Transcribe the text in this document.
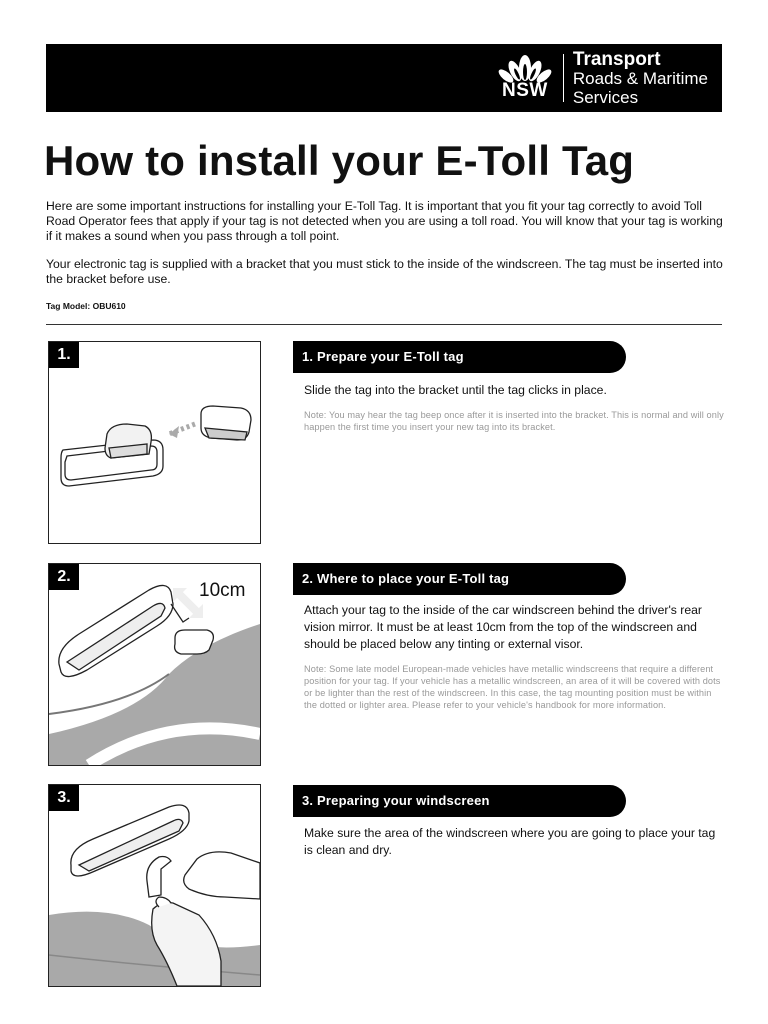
NSW
Transport
Roads & Maritime
Services
How to install your E-Toll Tag

Here are some important instructions for installing your E-Toll Tag. It is important that you fit your tag correctly to avoid Toll Road Operator fees that apply if your tag is not detected when you are using a toll road. You will know that your tag is working if it makes a sound when you pass through a toll point.

Your electronic tag is supplied with a bracket that you must stick to the inside of the windscreen. The tag must be inserted into the bracket before use.

Tag Model: OBU610
1.	1. Prepare your E-Toll tag
Slide the tag into the bracket until the tag clicks in place.
Note: You may hear the tag beep once after it is inserted into the bracket. This is normal and will only happen the first time you insert your new tag into its bracket.
2.
10cm
2. Where to place your E-Toll tag
Attach your tag to the inside of the car windscreen behind the driver's rear vision mirror. It must be at least 10cm from the top of the windscreen and should be placed below any tinting or external visor.
Note: Some late model European-made vehicles have metallic windscreens that require a different position for your tag. If your vehicle has a metallic windscreen, an area of it will be covered with dots or be lighter than the rest of the windscreen. In this case, the tag mounting position must be within the dotted or lighter area. Please refer to your vehicle's handbook for more information.
3.	3. Preparing your windscreen
Make sure the area of the windscreen where you are going to place your tag is clean and dry.
